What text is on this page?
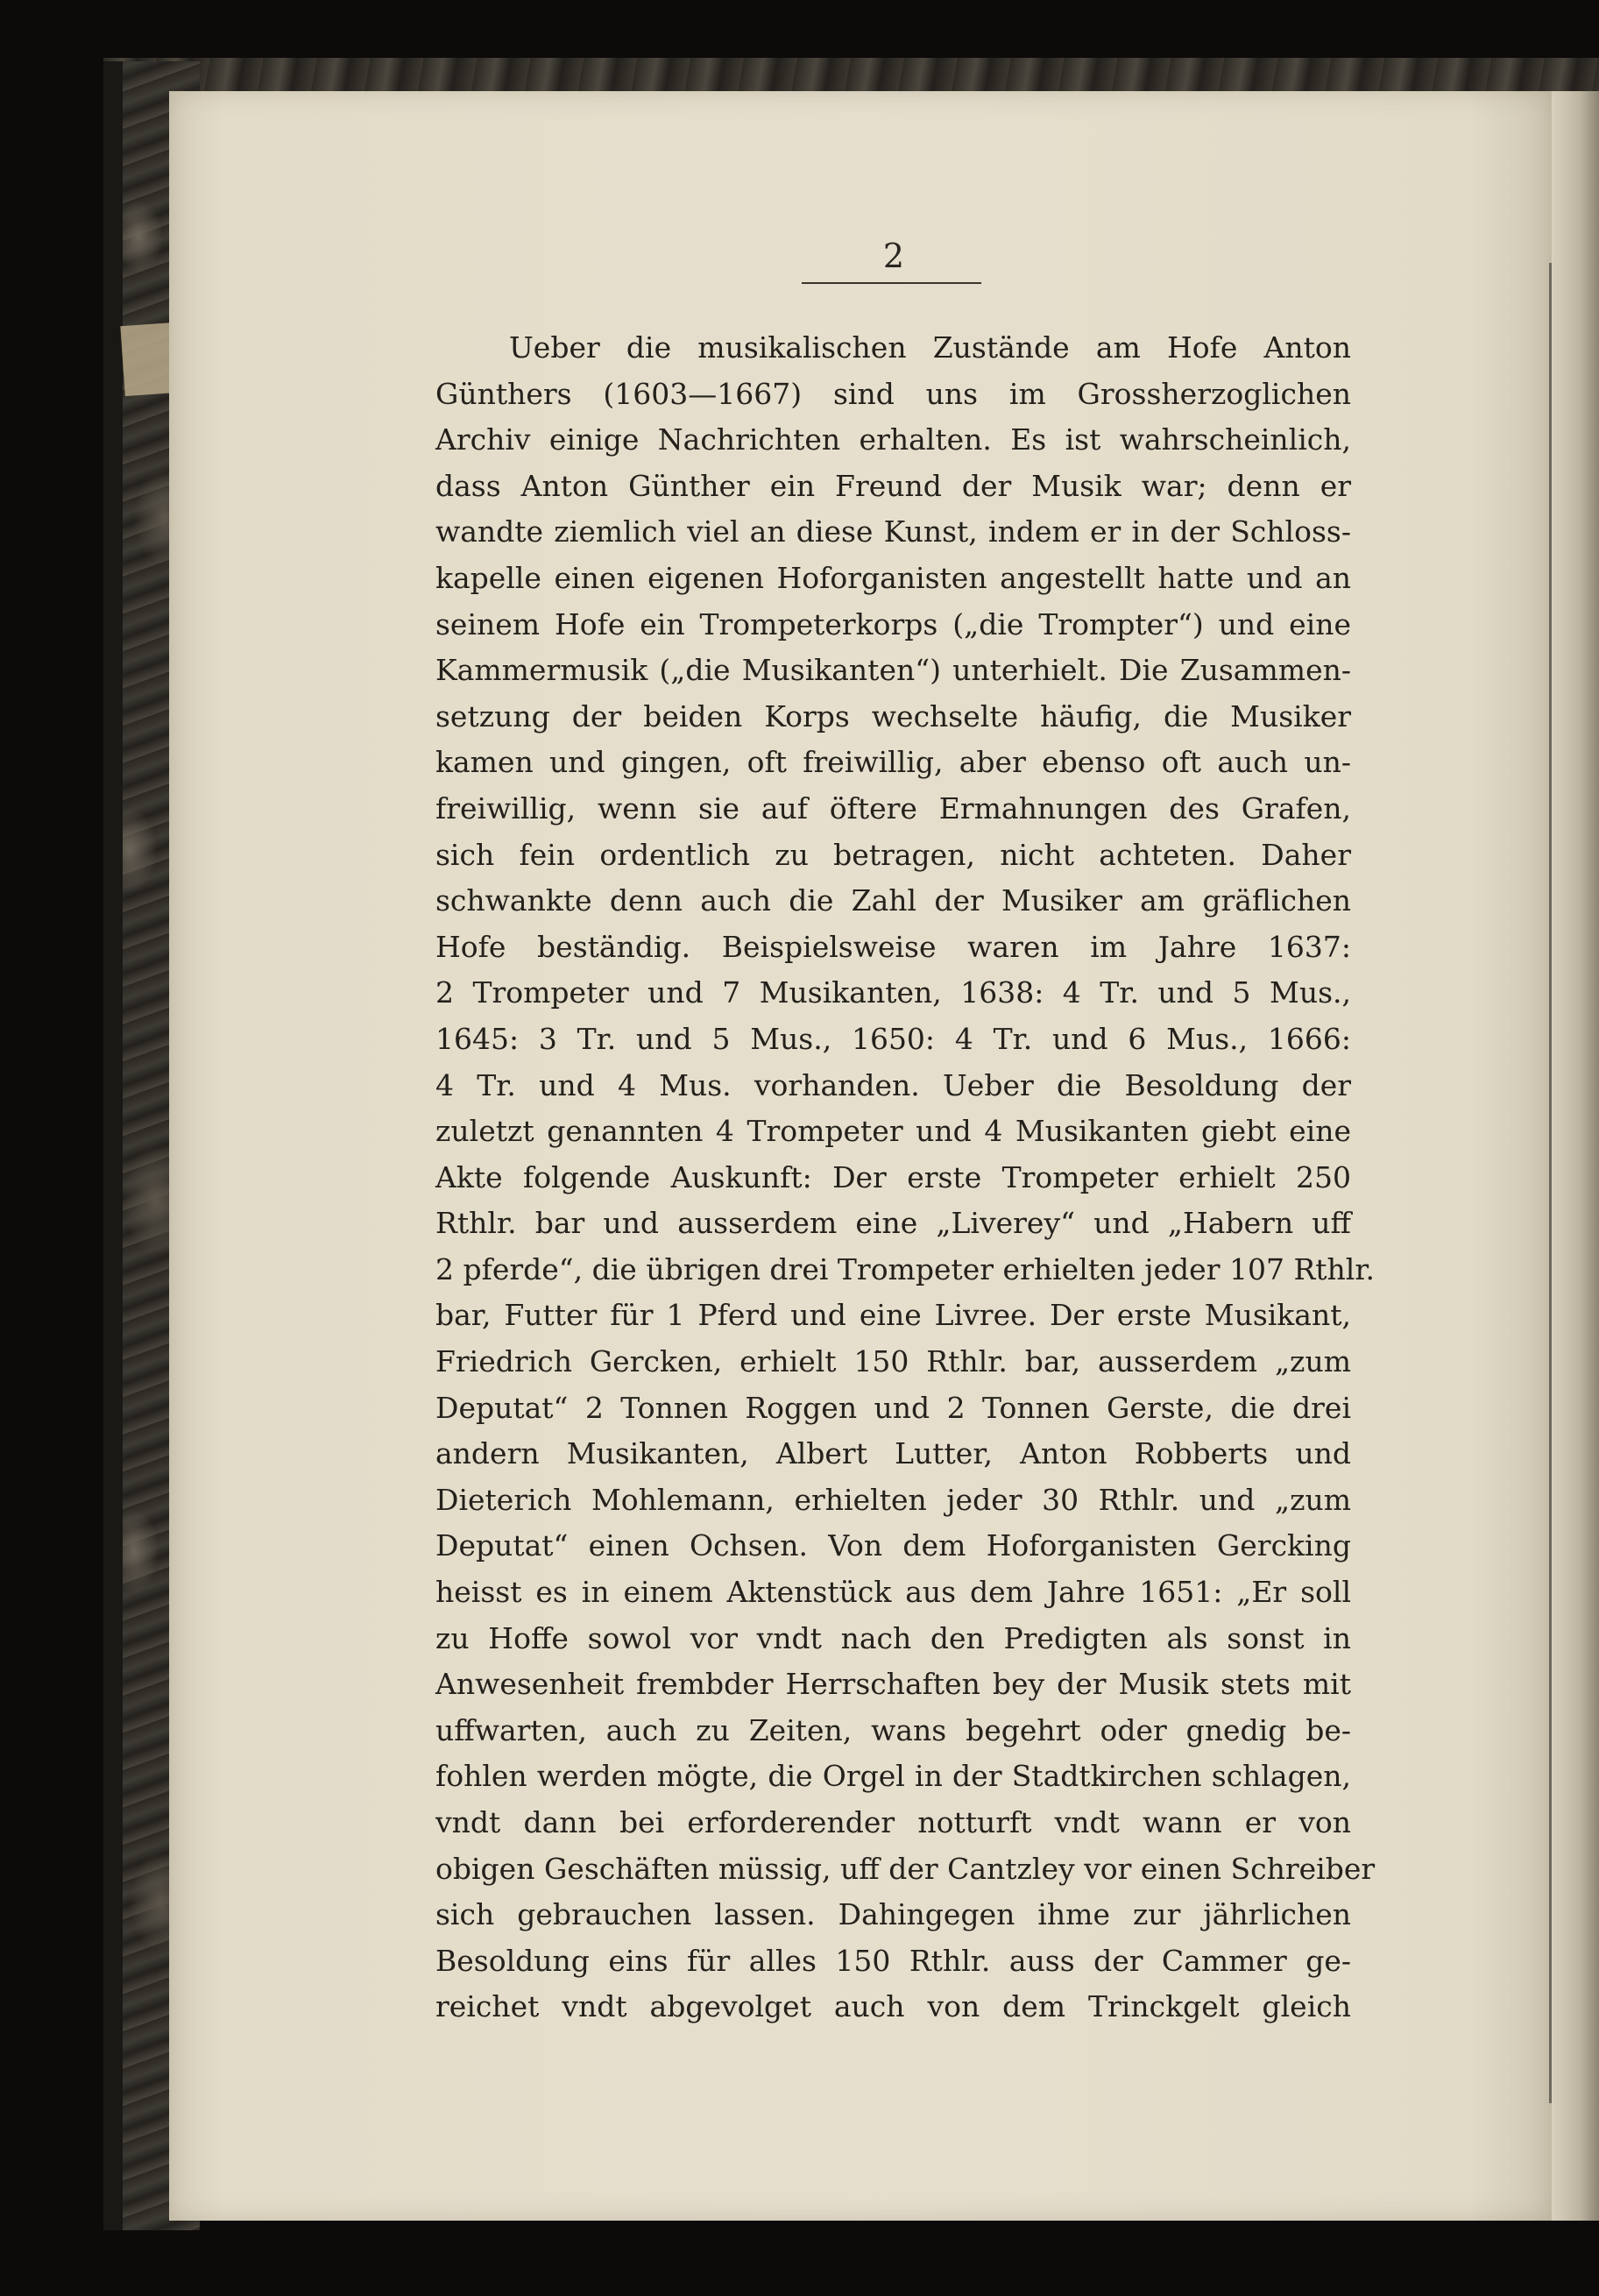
2
Ueber die musikalischen Zustände am Hofe Anton
Günthers (1603—1667) sind uns im Grossherzoglichen
Archiv einige Nachrichten erhalten. Es ist wahrscheinlich,
dass Anton Günther ein Freund der Musik war; denn er
wandte ziemlich viel an diese Kunst, indem er in der Schloss-
kapelle einen eigenen Hoforganisten angestellt hatte und an
seinem Hofe ein Trompeterkorps („die Trompter“) und eine
Kammermusik („die Musikanten“) unterhielt. Die Zusammen-
setzung der beiden Korps wechselte häufig, die Musiker
kamen und gingen, oft freiwillig, aber ebenso oft auch un-
freiwillig, wenn sie auf öftere Ermahnungen des Grafen,
sich fein ordentlich zu betragen, nicht achteten. Daher
schwankte denn auch die Zahl der Musiker am gräflichen
Hofe beständig. Beispielsweise waren im Jahre 1637:
2 Trompeter und 7 Musikanten, 1638: 4 Tr. und 5 Mus.,
1645: 3 Tr. und 5 Mus., 1650: 4 Tr. und 6 Mus., 1666:
4 Tr. und 4 Mus. vorhanden. Ueber die Besoldung der
zuletzt genannten 4 Trompeter und 4 Musikanten giebt eine
Akte folgende Auskunft: Der erste Trompeter erhielt 250
Rthlr. bar und ausserdem eine „Liverey“ und „Habern uff
2 pferde“, die übrigen drei Trompeter erhielten jeder 107 Rthlr.
bar, Futter für 1 Pferd und eine Livree. Der erste Musikant,
Friedrich Gercken, erhielt 150 Rthlr. bar, ausserdem „zum
Deputat“ 2 Tonnen Roggen und 2 Tonnen Gerste, die drei
andern Musikanten, Albert Lutter, Anton Robberts und
Dieterich Mohlemann, erhielten jeder 30 Rthlr. und „zum
Deputat“ einen Ochsen. Von dem Hoforganisten Gercking
heisst es in einem Aktenstück aus dem Jahre 1651: „Er soll
zu Hoffe sowol vor vndt nach den Predigten als sonst in
Anwesenheit frembder Herrschaften bey der Musik stets mit
uffwarten, auch zu Zeiten, wans begehrt oder gnedig be-
fohlen werden mögte, die Orgel in der Stadtkirchen schlagen,
vndt dann bei erforderender notturft vndt wann er von
obigen Geschäften müssig, uff der Cantzley vor einen Schreiber
sich gebrauchen lassen. Dahingegen ihme zur jährlichen
Besoldung eins für alles 150 Rthlr. auss der Cammer ge-
reichet vndt abgevolget auch von dem Trinckgelt gleich
